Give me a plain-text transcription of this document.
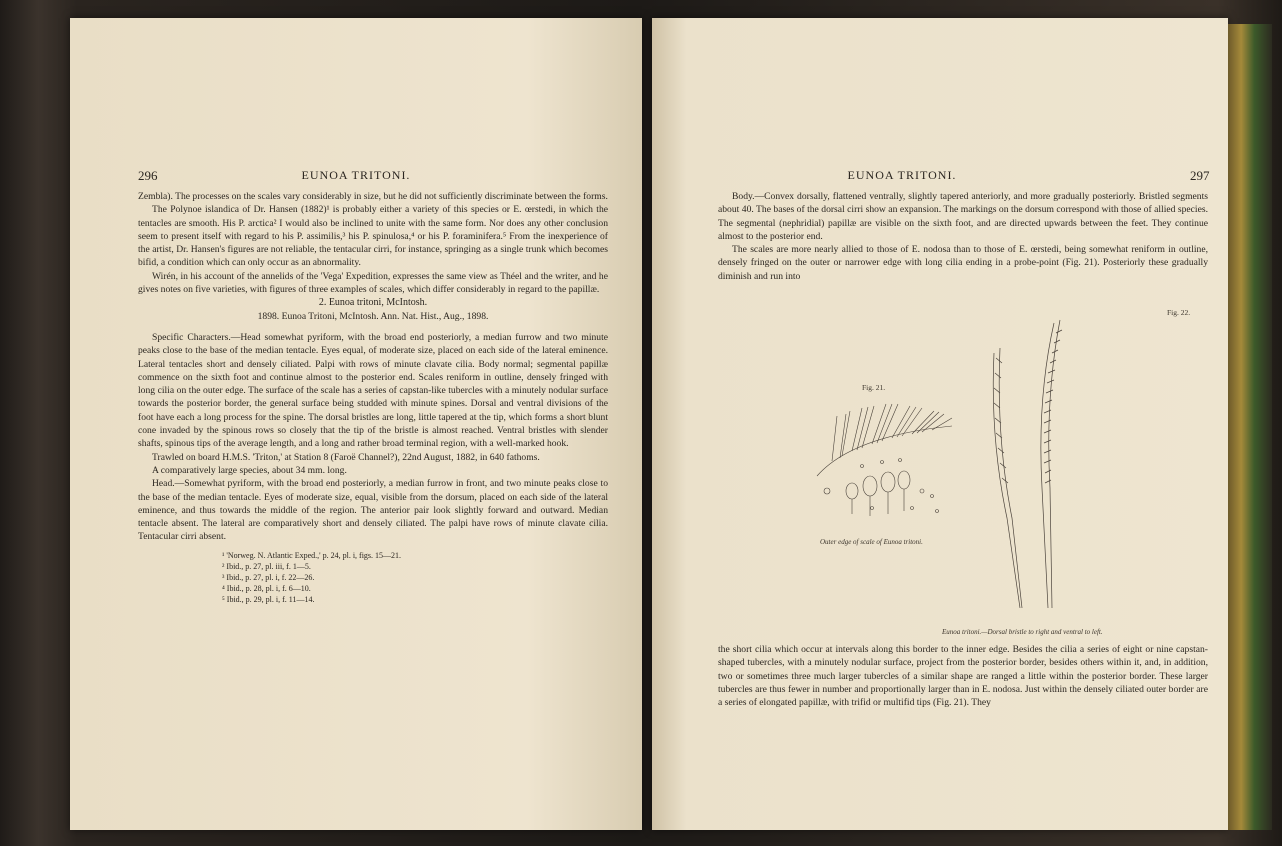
296	EUNOA TRITONI.

Zembla). The processes on the scales vary considerably in size, but he did not sufficiently discriminate between the forms.

The Polynoe islandica of Dr. Hansen (1882)¹ is probably either a variety of this species or E. œrstedi, in which the tentacles are smooth. His P. arctica² I would also be inclined to unite with the same form. Nor does any other conclusion seem to present itself with regard to his P. assimilis,³ his P. spinulosa,⁴ or his P. foraminifera.⁵ From the inexperience of the artist, Dr. Hansen's figures are not reliable, the tentacular cirri, for instance, springing as a single trunk which becomes bifid, a condition which can only occur as an abnormality.

Wirén, in his account of the annelids of the 'Vega' Expedition, expresses the same view as Théel and the writer, and he gives notes on five varieties, with figures of three examples of scales, which differ considerably in regard to the papillæ.

2. Eunoa tritoni, McIntosh.

1898. Eunoa Tritoni, McIntosh. Ann. Nat. Hist., Aug., 1898.

Specific Characters.—Head somewhat pyriform, with the broad end posteriorly, a median furrow and two minute peaks close to the base of the median tentacle. Eyes equal, of moderate size, placed on each side of the lateral eminence. Lateral tentacles short and densely ciliated. Palpi with rows of minute clavate cilia. Body normal; segmental papillæ commence on the sixth foot and continue almost to the posterior end. Scales reniform in outline, densely fringed with long cilia on the outer edge. The surface of the scale has a series of capstan-like tubercles with a minutely nodular surface towards the posterior border, the general surface being studded with minute spines. Dorsal and ventral divisions of the foot have each a long process for the spine. The dorsal bristles are long, little tapered at the tip, which forms a short blunt cone invaded by the spinous rows so closely that the tip of the bristle is almost reached. Ventral bristles with slender shafts, spinous tips of the average length, and a long and rather broad terminal region, with a well-marked hook.

Trawled on board H.M.S. 'Triton,' at Station 8 (Faroë Channel?), 22nd August, 1882, in 640 fathoms.

A comparatively large species, about 34 mm. long.

Head.—Somewhat pyriform, with the broad end posteriorly, a median furrow in front, and two minute peaks close to the base of the median tentacle. Eyes of moderate size, equal, visible from the dorsum, placed on each side of the lateral eminence, and thus towards the middle of the region. The anterior pair look slightly forward and outward. Median tentacle absent. The lateral are comparatively short and densely ciliated. The palpi have rows of minute clavate cilia. Tentacular cirri absent.

¹ 'Norweg. N. Atlantic Exped.,' p. 24, pl. i, figs. 15—21.

² Ibid., p. 27, pl. iii, f. 1—5.

³ Ibid., p. 27, pl. i, f. 22—26.

⁴ Ibid., p. 28, pl. i, f. 6—10.

⁵ Ibid., p. 29, pl. i, f. 11—14.

EUNOA TRITONI.	297

Body.—Convex dorsally, flattened ventrally, slightly tapered anteriorly, and more gradually posteriorly. Bristled segments about 40. The bases of the dorsal cirri show an expansion. The markings on the dorsum correspond with those of allied species. The segmental (nephridial) papillæ are visible on the sixth foot, and are directed upwards between the feet. They continue almost to the posterior end.

The scales are more nearly allied to those of E. nodosa than to those of E. œrstedi, being somewhat reniform in outline, densely fringed on the outer or narrower edge with long cilia ending in a probe-point (Fig. 21). Posteriorly these gradually diminish and run into

Fig. 22.
Fig. 21.
Outer edge of scale of Eunoa tritoni.
Eunoa tritoni.—Dorsal bristle to right and ventral to left.

the short cilia which occur at intervals along this border to the inner edge. Besides the cilia a series of eight or nine capstan-shaped tubercles, with a minutely nodular surface, project from the posterior border, besides others within it, and, in addition, two or sometimes three much larger tubercles of a similar shape are ranged a little within the posterior border. These larger tubercles are thus fewer in number and proportionally larger than in E. nodosa. Just within the densely ciliated outer border are a series of elongated papillæ, with trifid or multifid tips (Fig. 21). They
